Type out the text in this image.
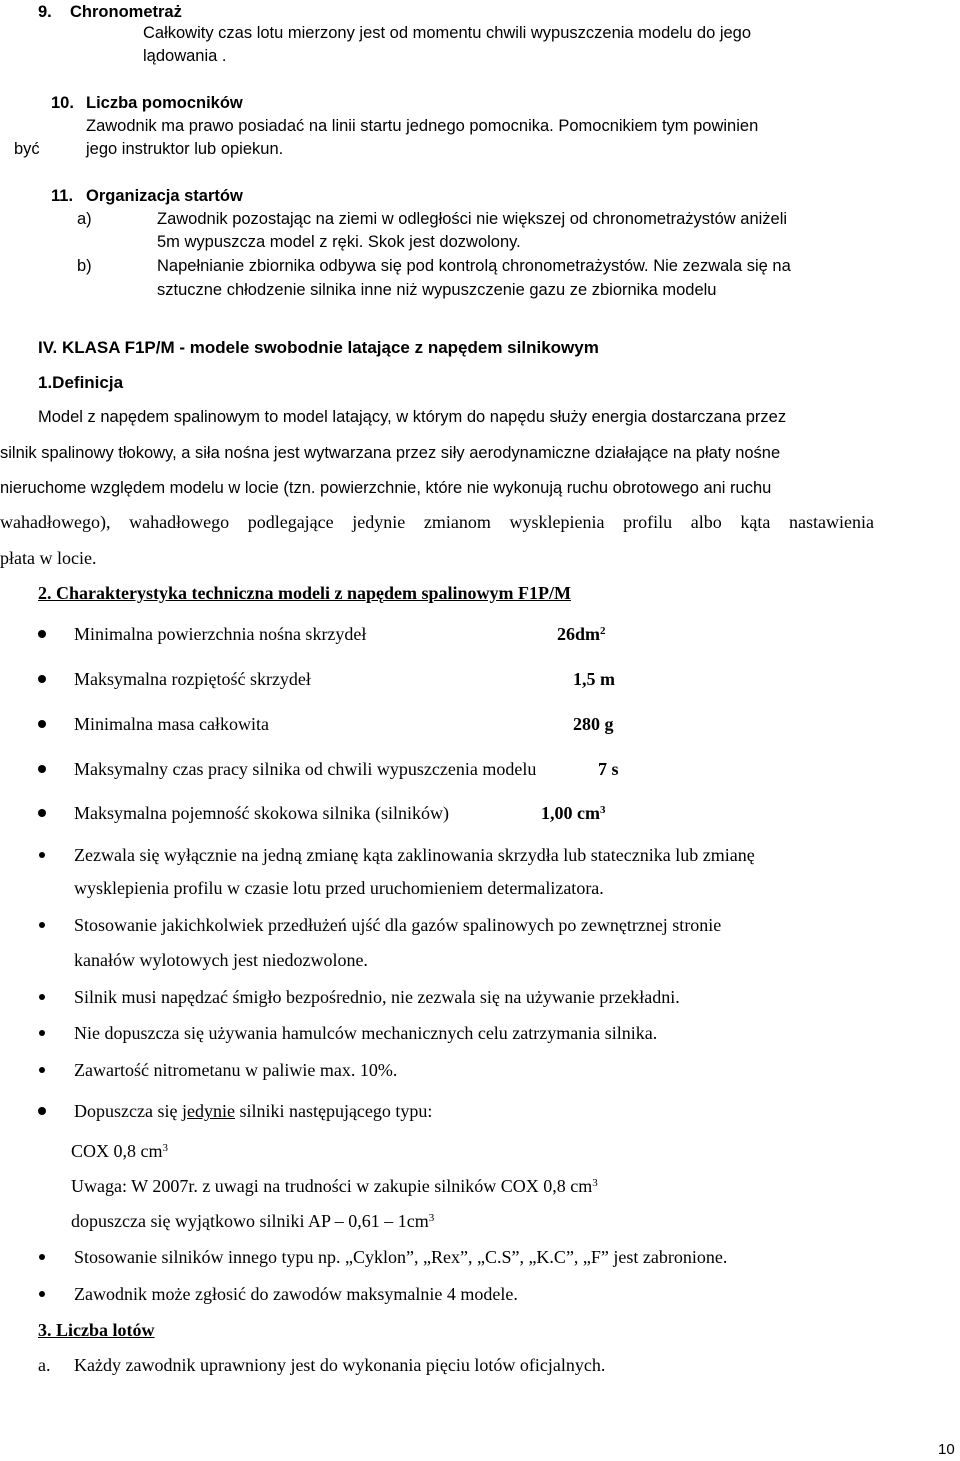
9. Chronometraż
Całkowity czas lotu mierzony jest od momentu chwili wypuszczenia modelu do jego
lądowania .
10. Liczba pomocników
Zawodnik ma prawo posiadać na linii startu jednego pomocnika. Pomocnikiem tym powinien
być	jego instruktor lub opiekun.
11. Organizacja startów
a)	Zawodnik pozostając na ziemi w odległości nie większej od chronometrażystów aniżeli
5m wypuszcza model z ręki. Skok jest dozwolony.
b)	Napełnianie zbiornika odbywa się pod kontrolą chronometrażystów. Nie zezwala się na
sztuczne chłodzenie silnika inne niż wypuszczenie gazu ze zbiornika modelu
IV. KLASA F1P/M - modele swobodnie latające z napędem silnikowym
1.Definicja
Model z napędem spalinowym to model latający, w którym do napędu służy energia dostarczana przez
silnik spalinowy tłokowy, a siła nośna jest wytwarzana przez siły aerodynamiczne działające na płaty nośne
nieruchome względem modelu w locie (tzn. powierzchnie, które nie wykonują ruchu obrotowego ani ruchu
wahadłowego), wahadłowego podlegające jedynie zmianom wysklepienia profilu albo kąta nastawienia
płata w locie.
2. Charakterystyka techniczna modeli z napędem spalinowym F1P/M
Minimalna powierzchnia nośna skrzydeł	$26dm^2$
Maksymalna rozpiętość skrzydeł	1,5 m
Minimalna masa całkowita	280 g
Maksymalny czas pracy silnika od chwili wypuszczenia modelu	7 s
Maksymalna pojemność skokowa silnika (silników)	1,00 $cm^3$
Zezwala się wyłącznie na jedną zmianę kąta zaklinowania skrzydła lub statecznika lub zmianę
wysklepienia profilu w czasie lotu przed uruchomieniem determalizatora.
Stosowanie jakichkolwiek przedłużeń ujść dla gazów spalinowych po zewnętrznej stronie
kanałów wylotowych jest niedozwolone.
Silnik musi napędzać śmigło bezpośrednio, nie zezwala się na używanie przekładni.
Nie dopuszcza się używania hamulców mechanicznych celu zatrzymania silnika.
Zawartość nitrometanu w paliwie max. 10%.
Dopuszcza się jedynie silniki następującego typu:
COX 0,8 $cm^3$
Uwaga: W 2007r. z uwagi na trudności w zakupie silników COX 0,8 $cm^3$
dopuszcza się wyjątkowo silniki AP – $0,61 - 1cm^3$
Stosowanie silników innego typu np. „Cyklon”, „Rex”, „C.S”, „K.C”, „F” jest zabronione.
Zawodnik może zgłosić do zawodów maksymalnie 4 modele.
3. Liczba lotów
a. Każdy zawodnik uprawniony jest do wykonania pięciu lotów oficjalnych.
10
